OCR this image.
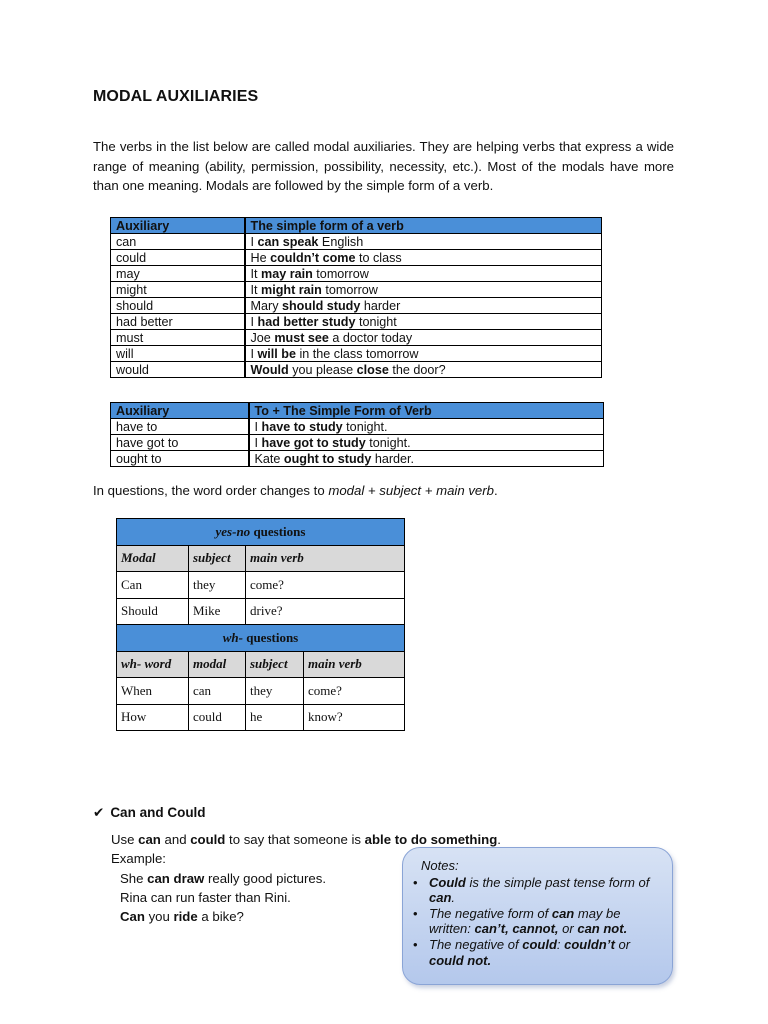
MODAL AUXILIARIES

The verbs in the list below are called modal auxiliaries. They are helping verbs that express a wide range of meaning (ability, permission, possibility, necessity, etc.). Most of the modals have more than one meaning. Modals are followed by the simple form of a verb.

Auxiliary	The simple form of a verb
can	I can speak English
could	He couldn’t come to class
may	It may rain tomorrow
might	It might rain tomorrow
should	Mary should study harder
had better	I had better study tonight
must	Joe must see a doctor today
will	I will be in the class tomorrow
would	Would you please close the door?
Auxiliary	To + The Simple Form of Verb
have to	I have to study tonight.
have got to	I have got to study tonight.
ought to	Kate ought to study harder.
In questions, the word order changes to modal + subject + main verb.
yes-no questions			
Modal	subject	main verb	
Can	they	come?	
Should	Mike	drive?	
wh- questions			
wh- word	modal	subject	main verb
When	can	they	come?
How	could	he	know?
✔ Can and Could
Use can and could to say that someone is able to do something.
Example:
She can draw really good pictures.
Rina can run faster than Rini.
Can you ride a bike?
Notes:
• Could is the simple past tense form of can.
• The negative form of can may be written: can’t, cannot, or can not.
• The negative of could: couldn’t or could not.
